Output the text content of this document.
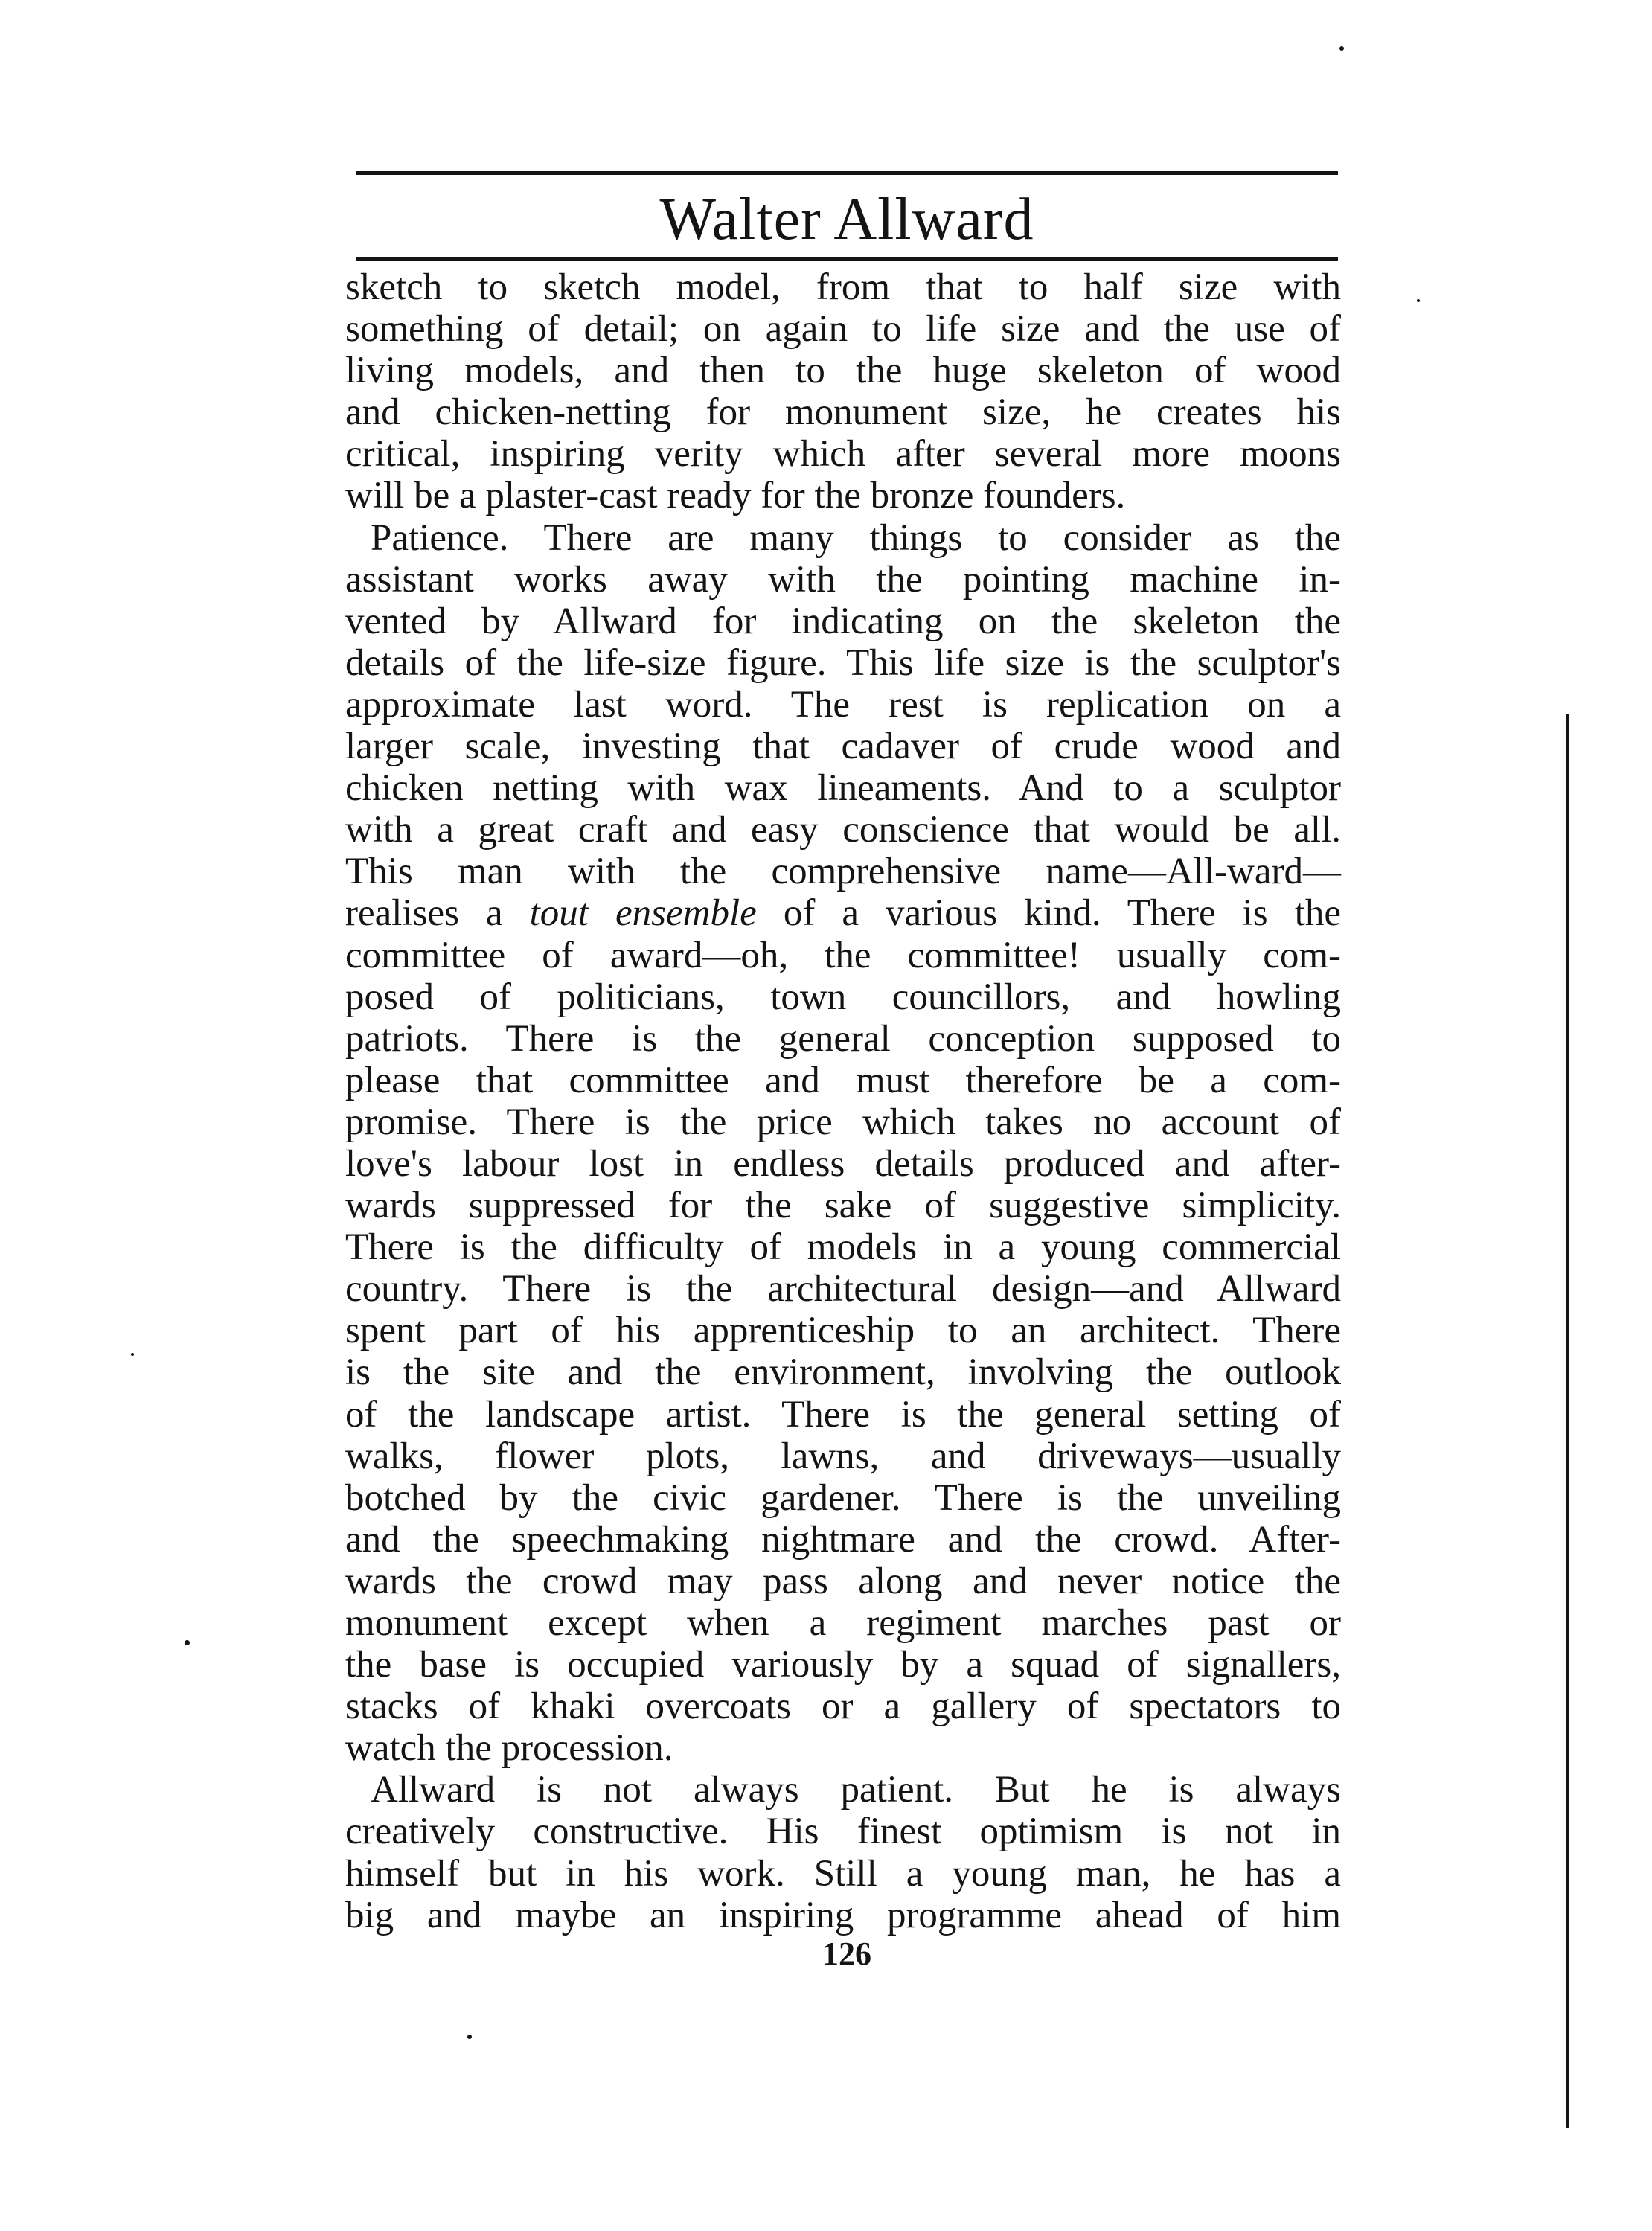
Walter Allward
sketch to sketch model, from that to half size with
something of detail; on again to life size and the use of
living models, and then to the huge skeleton of wood
and chicken-netting for monument size, he creates his
critical, inspiring verity which after several more moons
will be a plaster-cast ready for the bronze founders.
Patience. There are many things to consider as the
assistant works away with the pointing machine in-
vented by Allward for indicating on the skeleton the
details of the life-size figure. This life size is the sculptor's
approximate last word. The rest is replication on a
larger scale, investing that cadaver of crude wood and
chicken netting with wax lineaments. And to a sculptor
with a great craft and easy conscience that would be all.
This man with the comprehensive name—All-ward—
realises a tout ensemble of a various kind. There is the
committee of award—oh, the committee! usually com-
posed of politicians, town councillors, and howling
patriots. There is the general conception supposed to
please that committee and must therefore be a com-
promise. There is the price which takes no account of
love's labour lost in endless details produced and after-
wards suppressed for the sake of suggestive simplicity.
There is the difficulty of models in a young commercial
country. There is the architectural design—and Allward
spent part of his apprenticeship to an architect. There
is the site and the environment, involving the outlook
of the landscape artist. There is the general setting of
walks, flower plots, lawns, and driveways—usually
botched by the civic gardener. There is the unveiling
and the speechmaking nightmare and the crowd. After-
wards the crowd may pass along and never notice the
monument except when a regiment marches past or
the base is occupied variously by a squad of signallers,
stacks of khaki overcoats or a gallery of spectators to
watch the procession.
Allward is not always patient. But he is always
creatively constructive. His finest optimism is not in
himself but in his work. Still a young man, he has a
big and maybe an inspiring programme ahead of him
126
